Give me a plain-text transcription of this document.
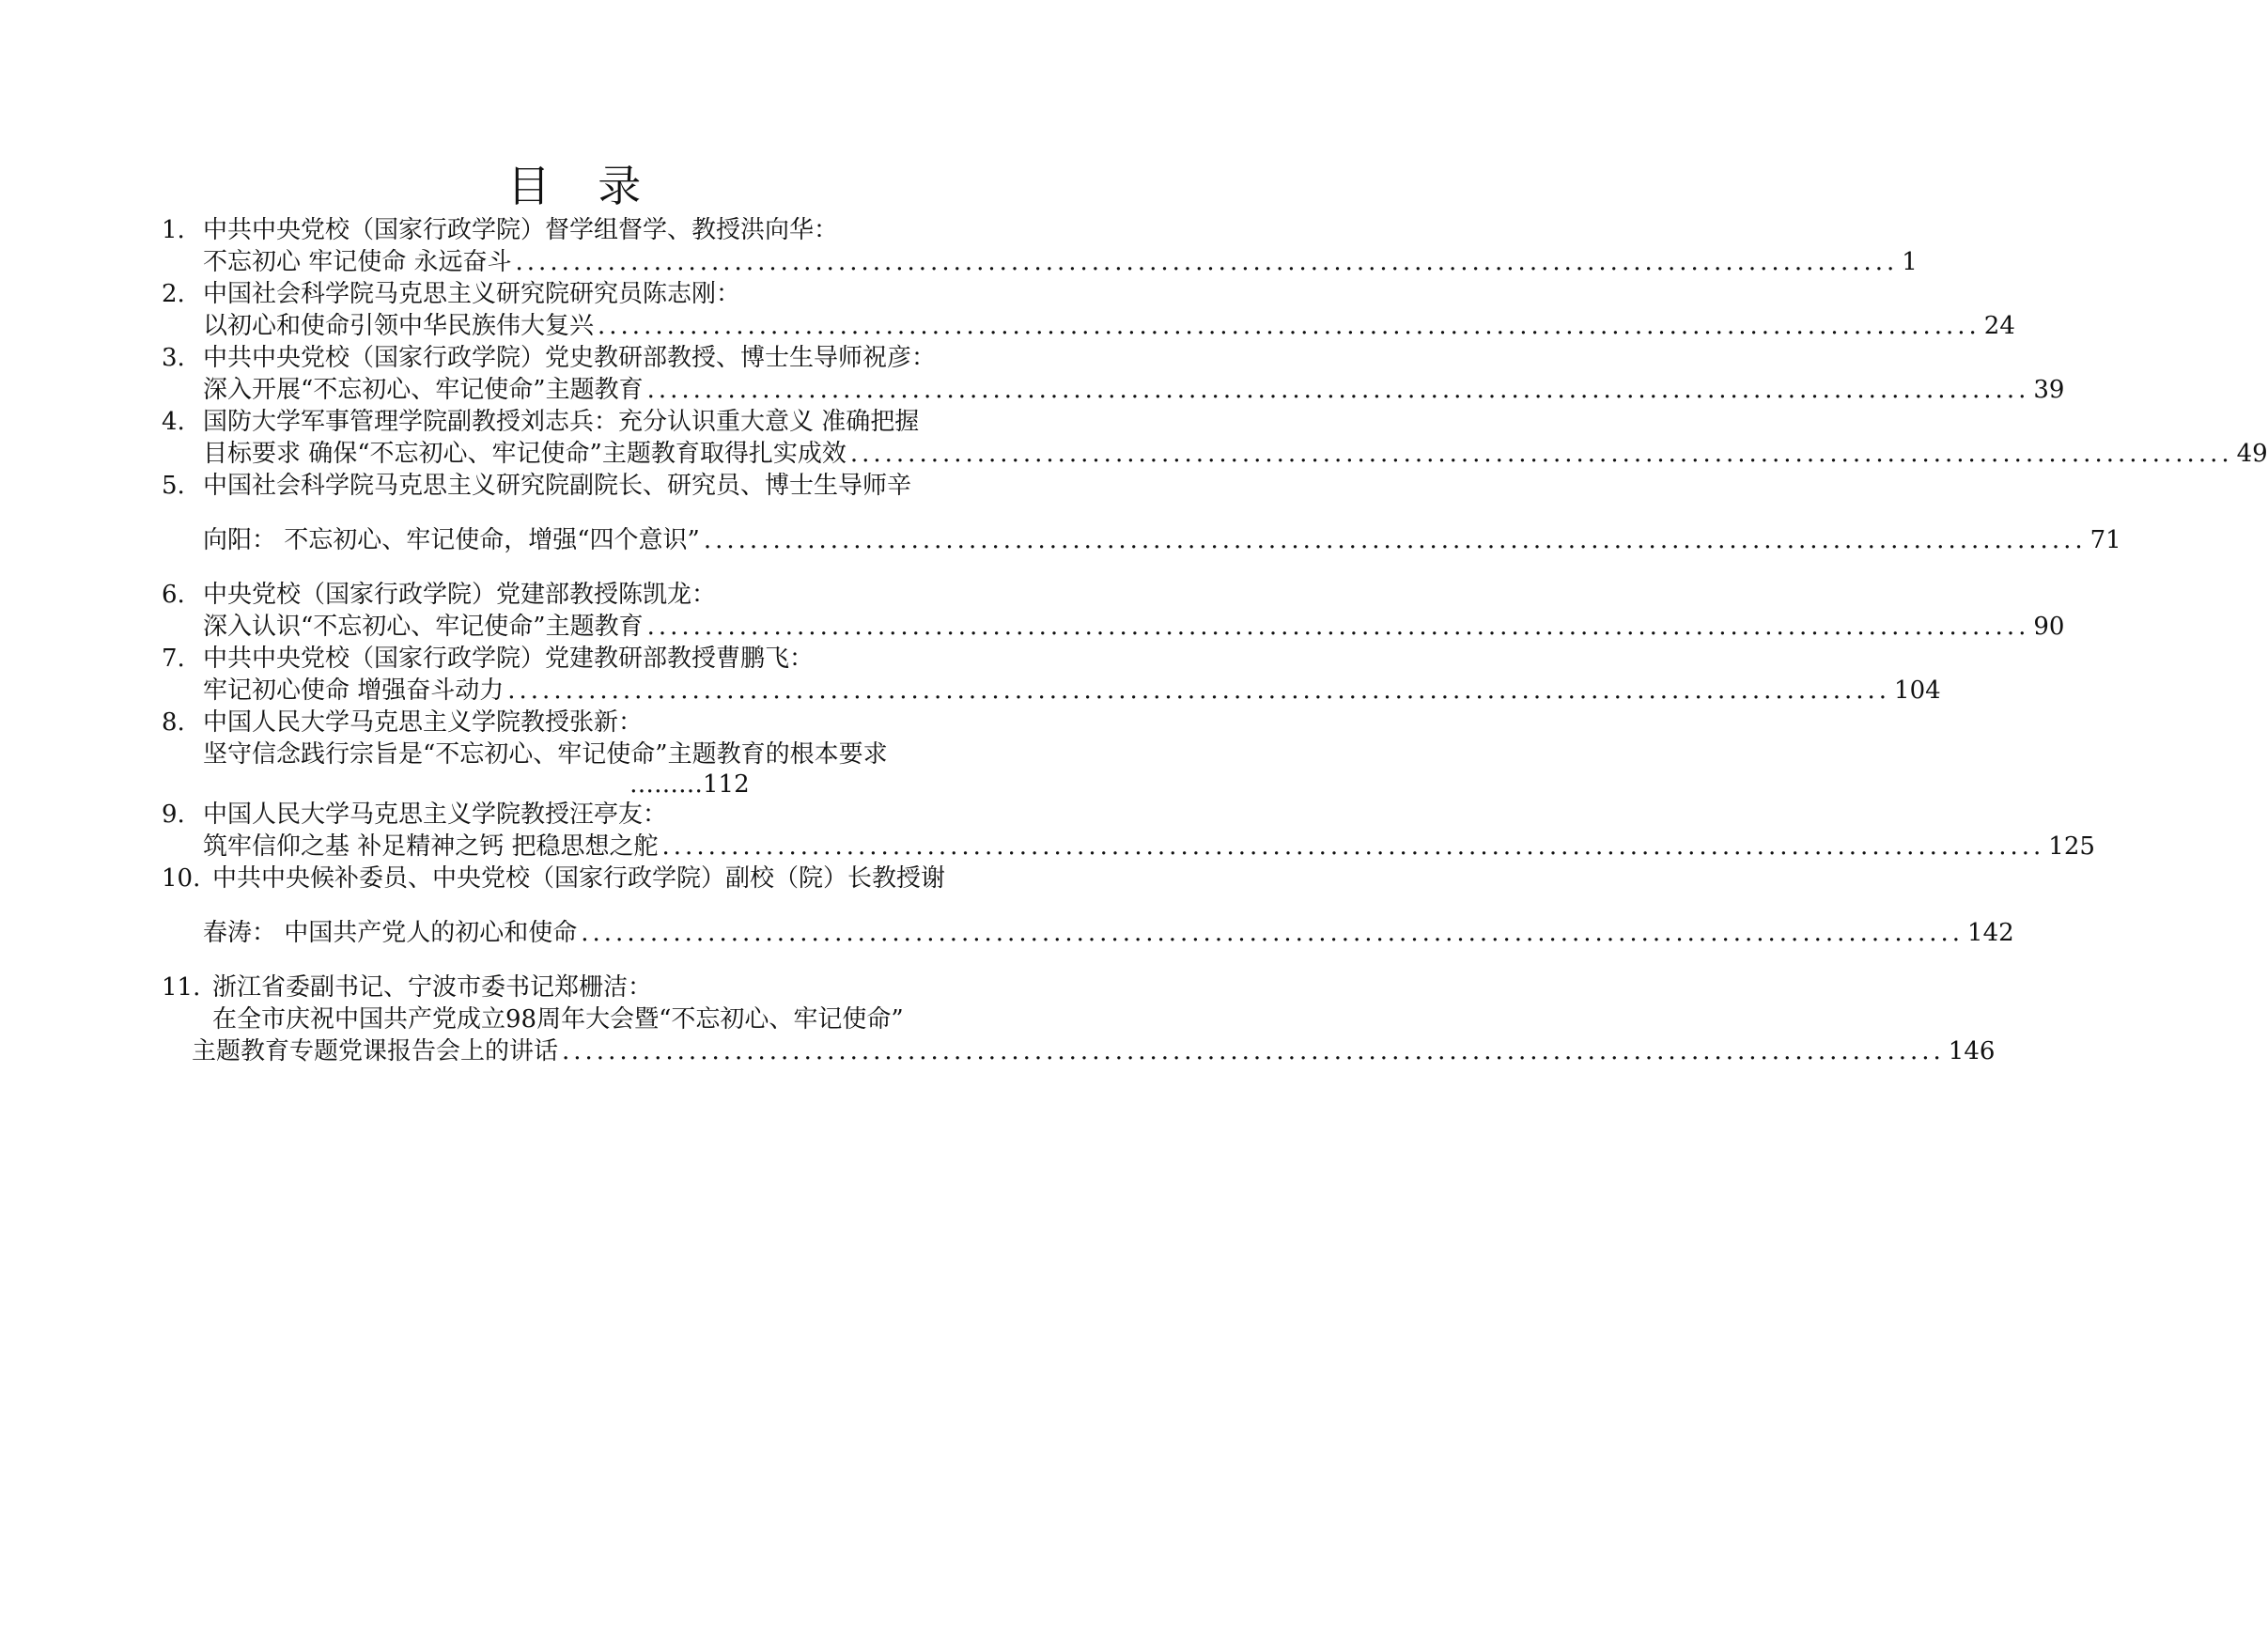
目 录
1. 中共中央党校（国家行政学院）督学组督学、教授洪向华：
不忘初心 牢记使命 永远奋斗 ........................................................................................................................ 1
2. 中国社会科学院马克思主义研究院研究员陈志刚：
以初心和使命引领中华民族伟大复兴 ........................................................................................................................ 24
3. 中共中央党校（国家行政学院）党史教研部教授、博士生导师祝彦：
深入开展“不忘初心、牢记使命”主题教育 ........................................................................................................................ 39
4. 国防大学军事管理学院副教授刘志兵：充分认识重大意义 准确把握
目标要求 确保“不忘初心、牢记使命”主题教育取得扎实成效 ........................................................................................................................ 49
5. 中国社会科学院马克思主义研究院副院长、研究员、博士生导师辛
向阳： 不忘初心、牢记使命，增强“四个意识” ........................................................................................................................ 71
6. 中央党校（国家行政学院）党建部教授陈凯龙：
深入认识“不忘初心、牢记使命”主题教育 ........................................................................................................................ 90
7. 中共中央党校（国家行政学院）党建教研部教授曹鹏飞：
牢记初心使命 增强奋斗动力 ........................................................................................................................ 104
8. 中国人民大学马克思主义学院教授张新：
坚守信念践行宗旨是“不忘初心、牢记使命”主题教育的根本要求
………112
9. 中国人民大学马克思主义学院教授汪亭友：
筑牢信仰之基 补足精神之钙 把稳思想之舵 ........................................................................................................................ 125
10. 中共中央候补委员、中央党校（国家行政学院）副校（院）长教授谢
春涛： 中国共产党人的初心和使命 ........................................................................................................................ 142
11. 浙江省委副书记、宁波市委书记郑栅洁：
在全市庆祝中国共产党成立98周年大会暨“不忘初心、牢记使命”
主题教育专题党课报告会上的讲话 ........................................................................................................................ 146
